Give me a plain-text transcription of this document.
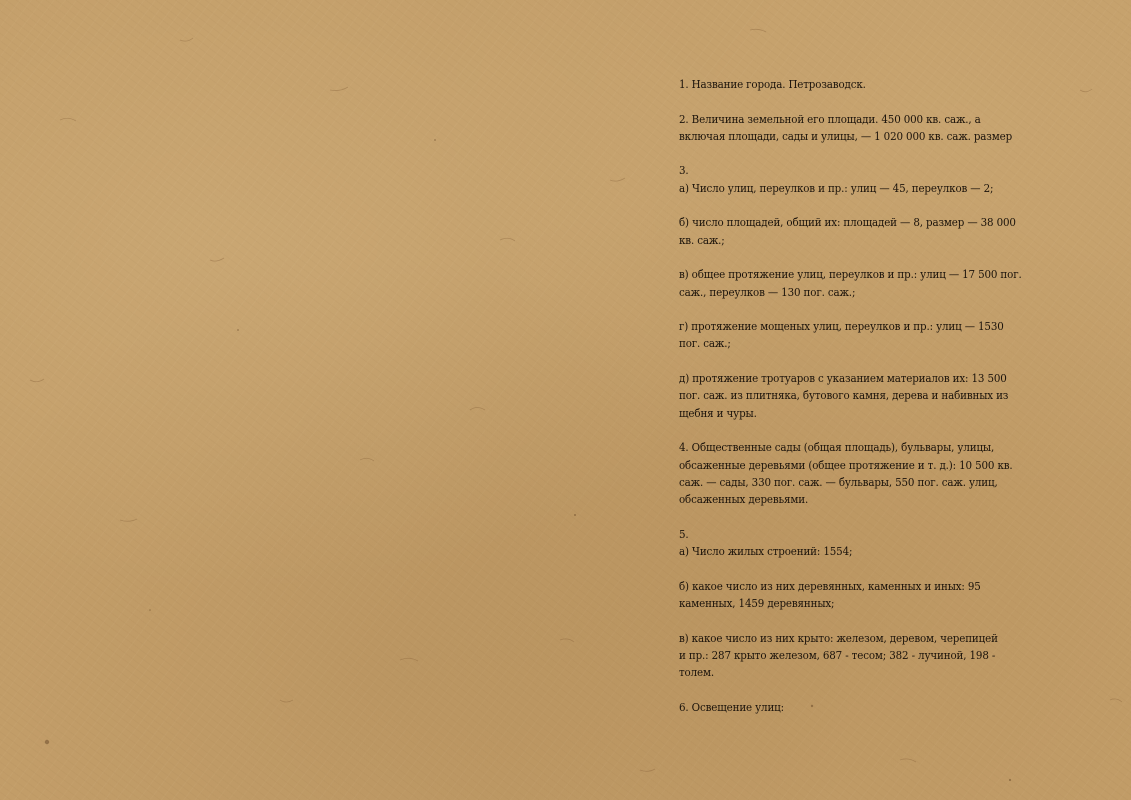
1. Название города. Петрозаводск.

2. Величина земельной его площади. 450 000 кв. саж., а
включая площади, сады и улицы, — 1 020 000 кв. саж. размер

3.

а) Число улиц, переулков и пр.: улиц — 45, переулков — 2;

б) число площадей, общий их: площадей — 8, размер — 38 000
кв. саж.;

в) общее протяжение улиц, переулков и пр.: улиц — 17 500 пог.
саж., переулков — 130 пог. саж.;

г) протяжение мощеных улиц, переулков и пр.: улиц — 1530
пог. саж.;

д) протяжение тротуаров с указанием материалов их: 13 500
пог. саж. из плитняка, бутового камня, дерева и набивных из
щебня и чуры.

4. Общественные сады (общая площадь), бульвары, улицы,
обсаженные деревьями (общее протяжение и т. д.): 10 500 кв.
саж. — сады, 330 пог. саж. — бульвары, 550 пог. саж. улиц,
обсаженных деревьями.

5.

а) Число жилых строений: 1554;

б) какое число из них деревянных, каменных и иных: 95
каменных, 1459 деревянных;

в) какое число из них крыто: железом, деревом, черепицей
и пр.: 287 крыто железом, 687 - тесом; 382 - лучиной, 198 -
толем.

6. Освещение улиц:
